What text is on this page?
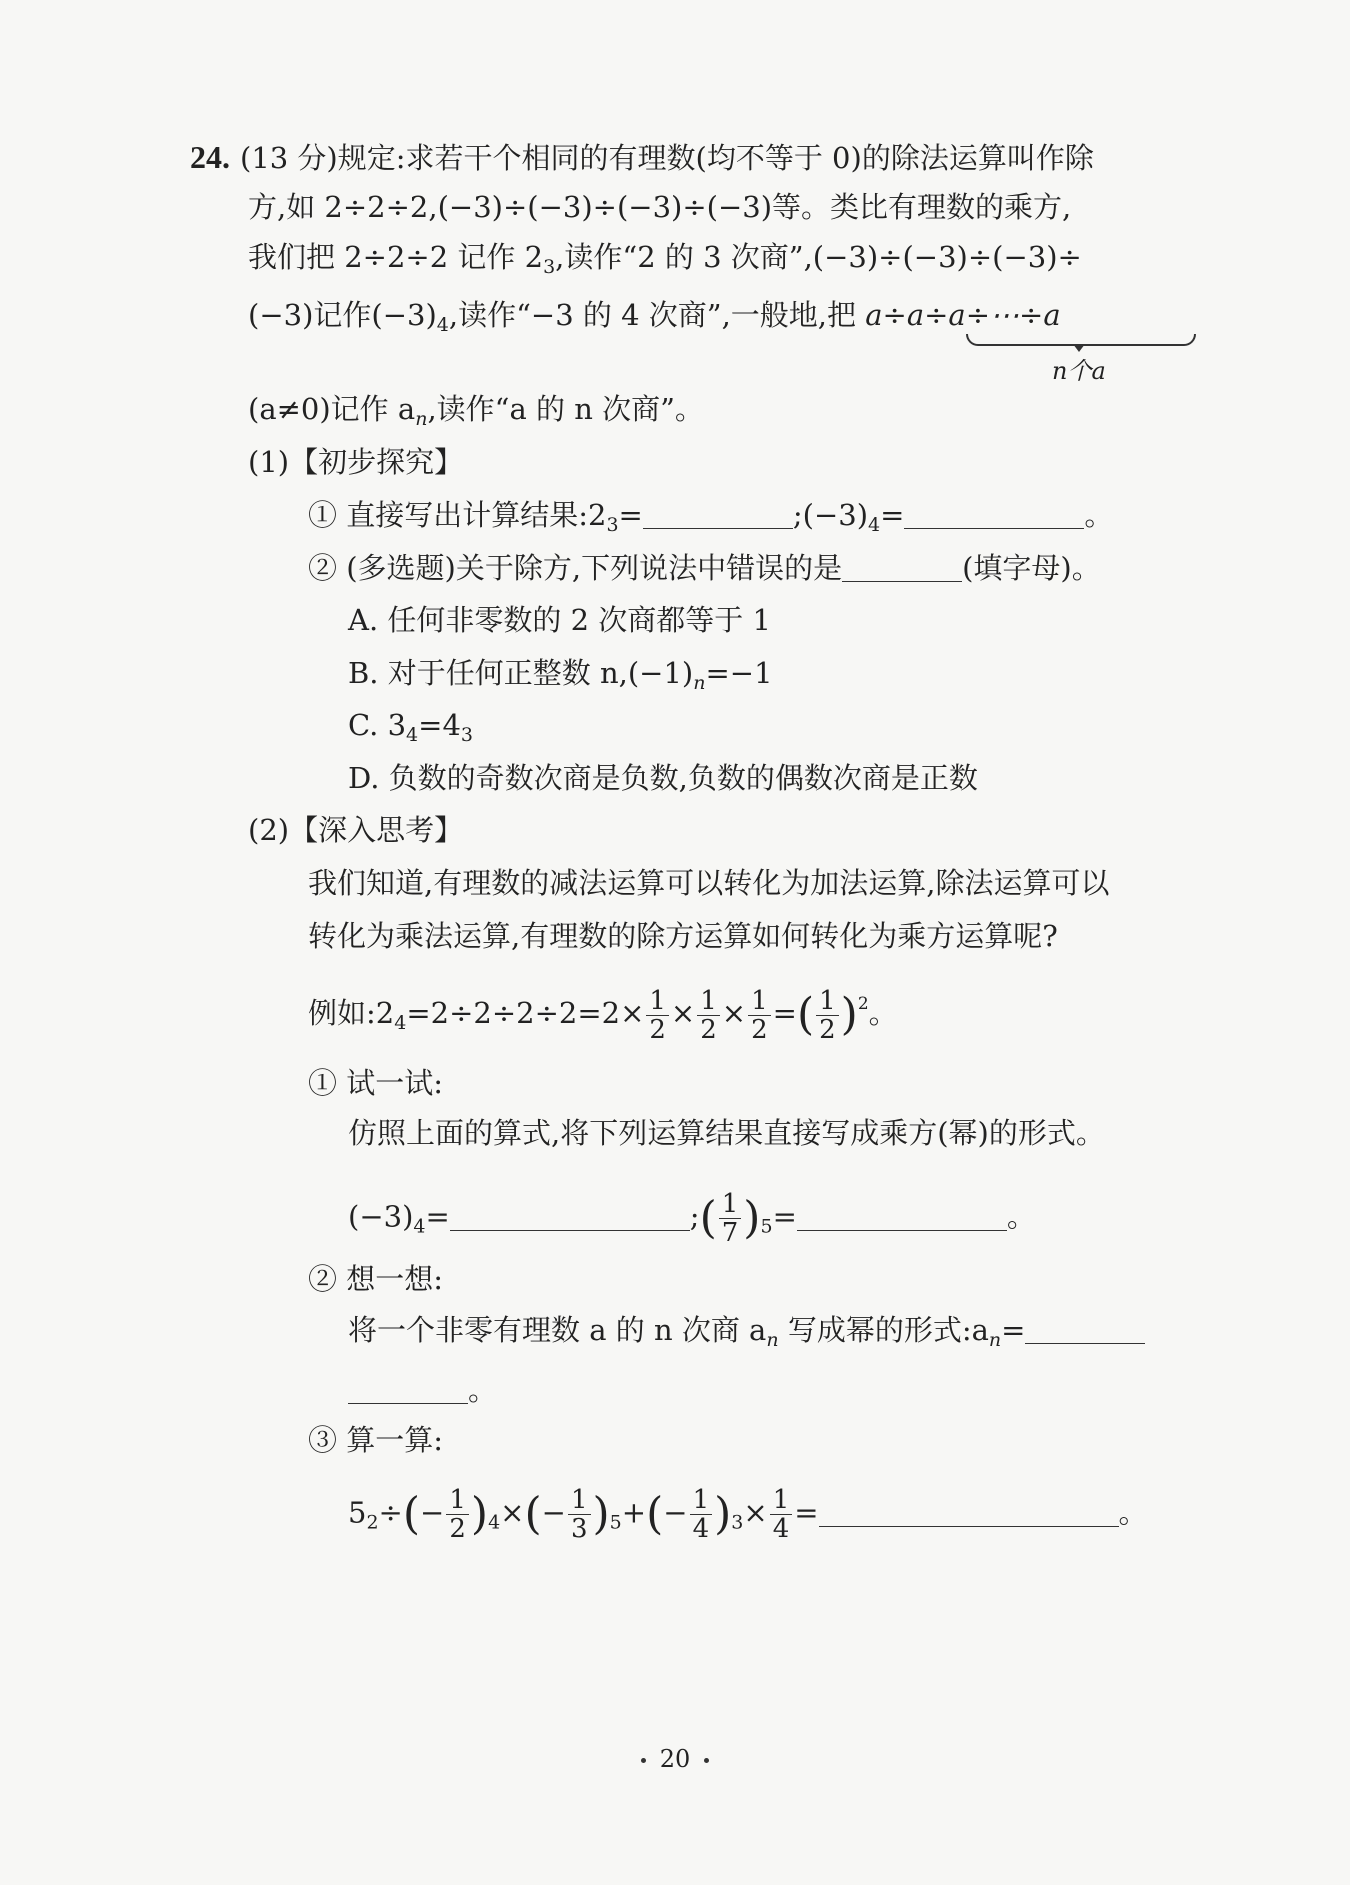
24. (13 分)规定:求若干个相同的有理数(均不等于 0)的除法运算叫作除
方,如 2÷2÷2,(−3)÷(−3)÷(−3)÷(−3)等。类比有理数的乘方,
我们把 2÷2÷2 记作 $2_3$,读作“2 的 3 次商”,(−3)÷(−3)÷(−3)÷
(−3)记作$(-3)_4$,读作“−3 的 4 次商”,一般地,把 a÷a÷a÷⋯÷a
n个a
(a≠0)记作 $a_n$,读作“a 的 n 次商”。
(1)【初步探究】
① 直接写出计算结果$:2_3=$	$;(-3)_4=$	。
② (多选题)关于除方,下列说法中错误的是	(填字母)。
A. 任何非零数的 2 次商都等于 1
B. 对于任何正整数 $n,(-1)_n=-1$
C. $3_4=4_3$
D. 负数的奇数次商是负数,负数的偶数次商是正数
(2)【深入思考】
我们知道,有理数的减法运算可以转化为加法运算,除法运算可以
转化为乘法运算,有理数的除方运算如何转化为乘方运算呢?
例如$:2_4=2\div 2\div 2\div 2=2\times \frac{1}{2} \times \frac{1}{2} \times \frac{1}{2}$ =( $\frac{1}{2} )^2$。
① 试一试:
仿照上面的算式,将下列运算结果直接写成乘方(幂)的形式。
$(-3)_4=$	;( $\frac{1}{7} )_5=$	。
② 想一想:
将一个非零有理数 a 的 n 次商 $a_n$ 写成幂的形式$:a_n=$
。
③ 算一算:
$5_2\div(- \frac{1}{2} )_4\times(- \frac{1}{3} )_5+(- \frac{1}{4} )_3\times \frac{1}{4}$ =	。
20
